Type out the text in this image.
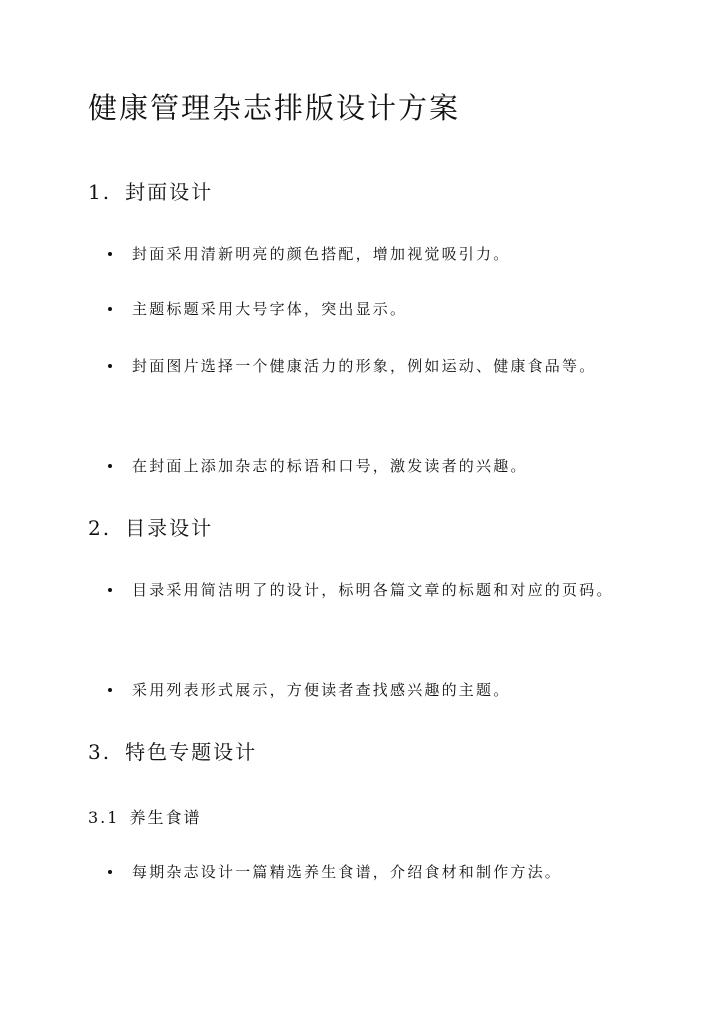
健康管理杂志排版设计方案
1. 封面设计

封面采用清新明亮的颜色搭配，增加视觉吸引力。

主题标题采用大号字体，突出显示。

封面图片选择一个健康活力的形象，例如运动、健康食品等。

在封面上添加杂志的标语和口号，激发读者的兴趣。

2. 目录设计

目录采用简洁明了的设计，标明各篇文章的标题和对应的页码。

采用列表形式展示，方便读者查找感兴趣的主题。

3. 特色专题设计
3.1 养生食谱

每期杂志设计一篇精选养生食谱，介绍食材和制作方法。
